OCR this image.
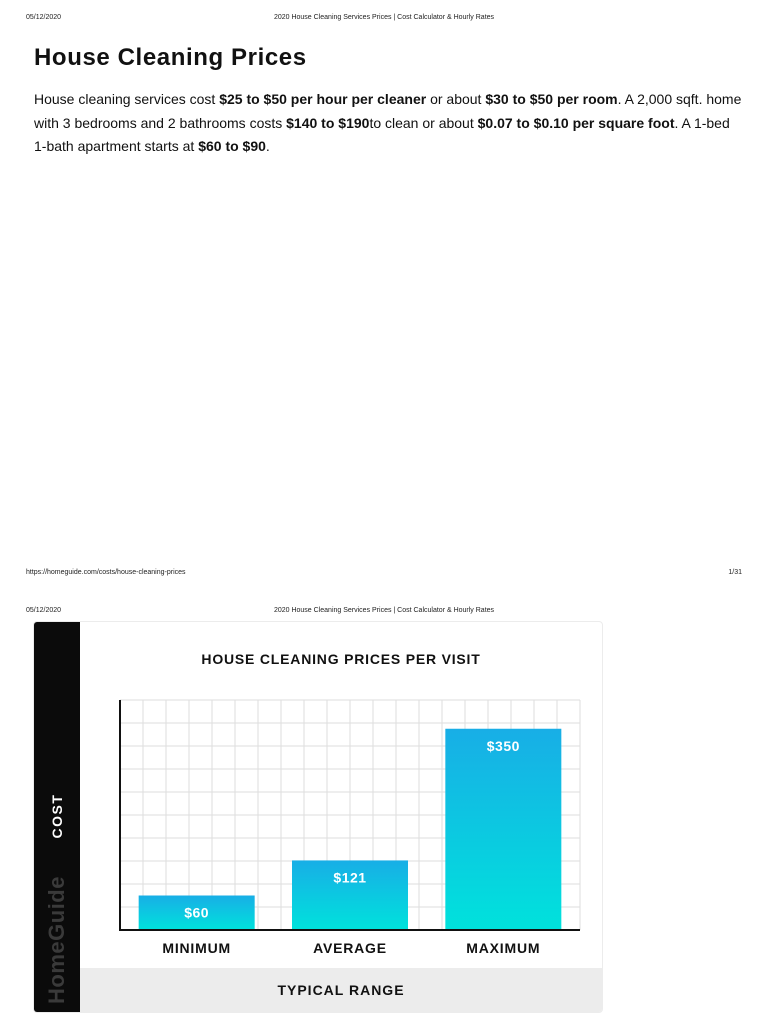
05/12/2020	2020 House Cleaning Services Prices | Cost Calculator & Hourly Rates
House Cleaning Prices

House cleaning services cost $25 to $50 per hour per cleaner or about $30 to $50 per room. A 2,000 sqft. home with 3 bedrooms and 2 bathrooms costs $140 to $190to clean or about $0.07 to $0.10 per square foot. A 1-bed 1-bath apartment starts at $60 to $90.

https://homeguide.com/costs/house-cleaning-prices	1/31
05/12/2020	2020 House Cleaning Services Prices | Cost Calculator & Hourly Rates
COST
HomeGuide
HOUSE CLEANING PRICES PER VISIT
$60
MINIMUM
$121
AVERAGE
$350
MAXIMUM
TYPICAL RANGE
